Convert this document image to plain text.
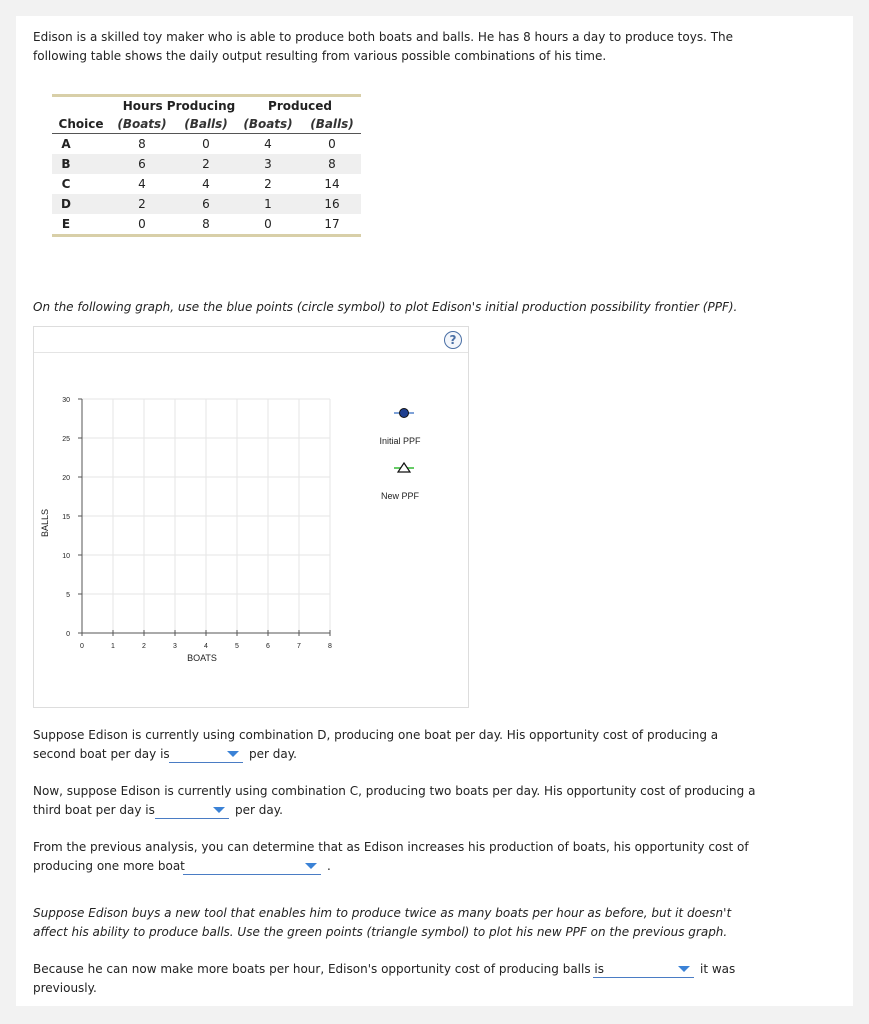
Edison is a skilled toy maker who is able to produce both boats and balls. He has 8 hours a day to produce toys. The
following table shows the daily output resulting from various possible combinations of his time.
Hours Producing	Produced
Choice	(Boats)	(Balls)	(Boats)	(Balls)
A	8	0	4	0
B	6	2	3	8
C	4	4	2	14
D	2	6	1	16
E	0	8	0	17
On the following graph, use the blue points (circle symbol) to plot Edison's initial production possibility frontier (PPF).
?
0	1	2	3	4	5	6	7	8
0
5
10
15
20
25
30
BOATS
BALLS
Initial PPF
New PPF
Suppose Edison is currently using combination D, producing one boat per day. His opportunity cost of producing a
second boat per day is	per day.
Now, suppose Edison is currently using combination C, producing two boats per day. His opportunity cost of producing a
third boat per day is	per day.
From the previous analysis, you can determine that as Edison increases his production of boats, his opportunity cost of
producing one more boat	.
Suppose Edison buys a new tool that enables him to produce twice as many boats per hour as before, but it doesn't
affect his ability to produce balls. Use the green points (triangle symbol) to plot his new PPF on the previous graph.
Because he can now make more boats per hour, Edison's opportunity cost of producing balls is	it was
previously.
